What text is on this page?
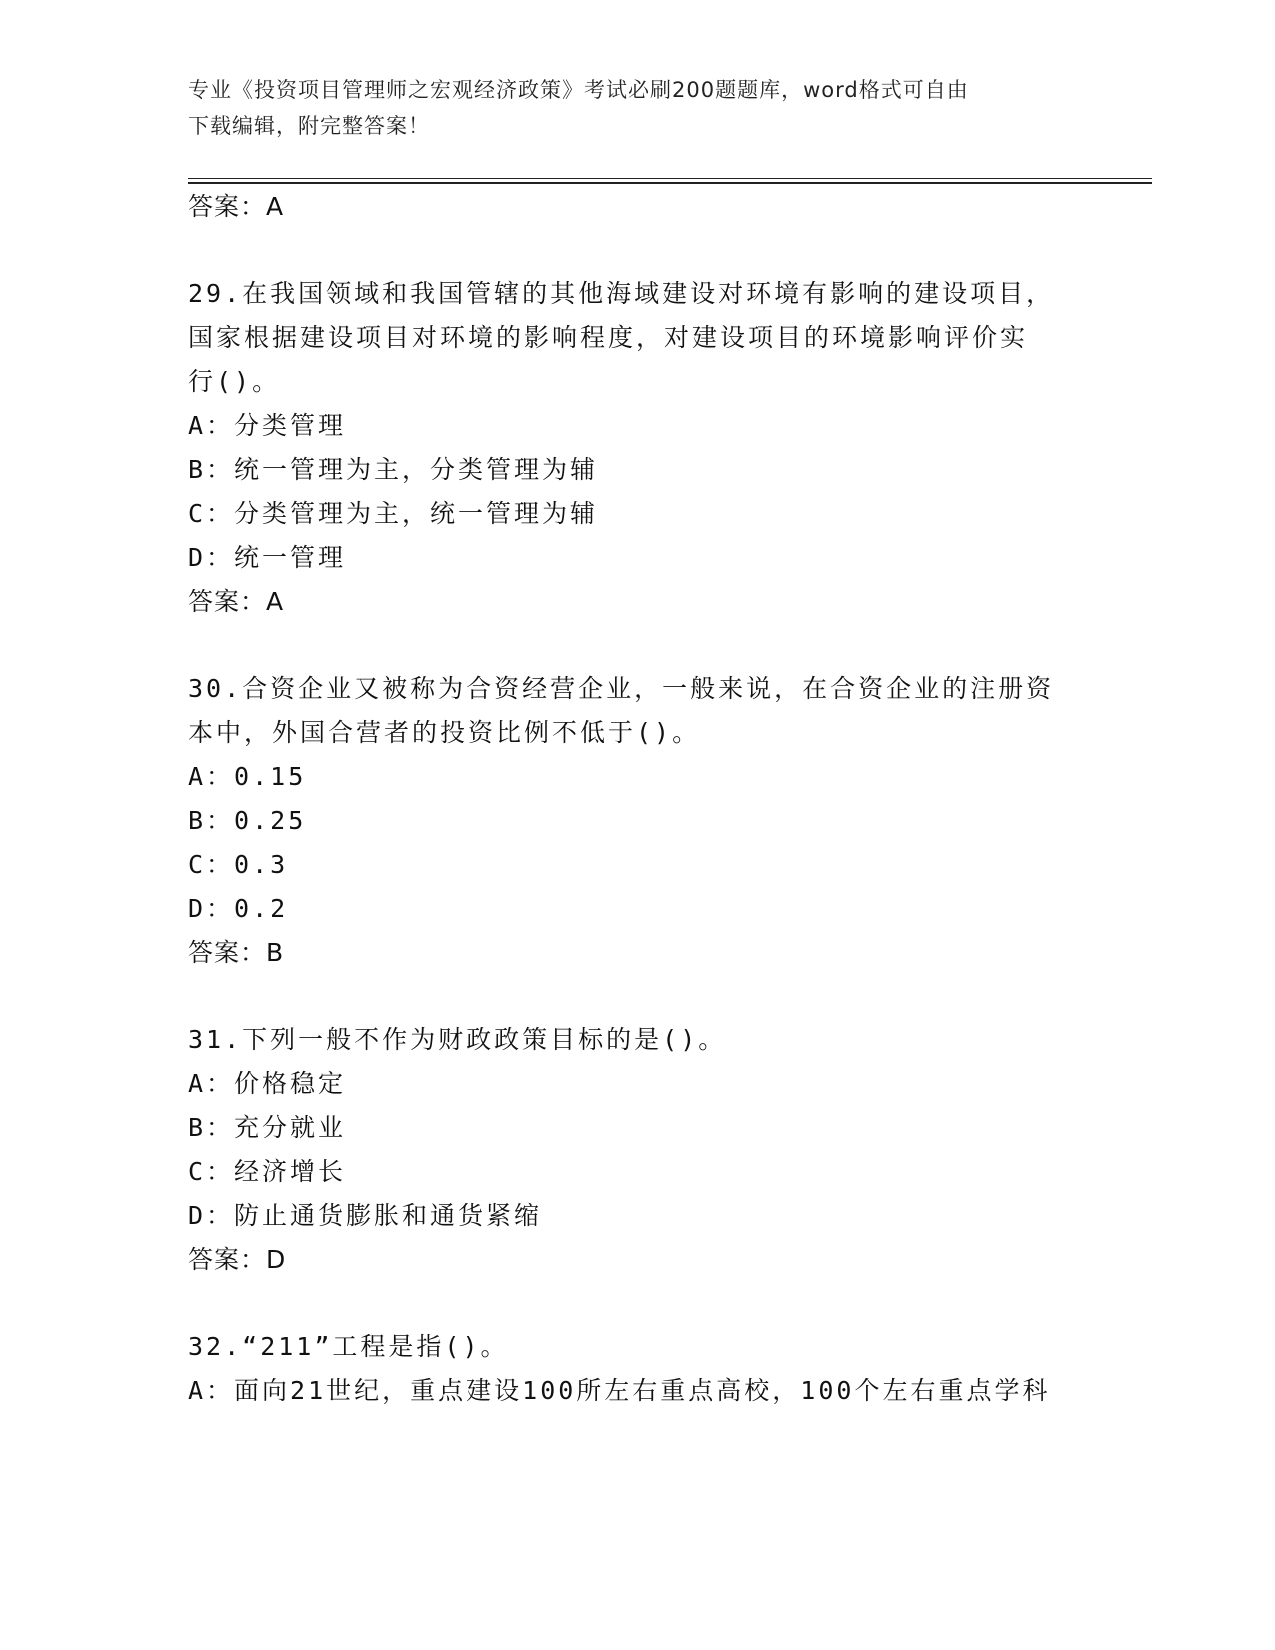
专业《投资项目管理师之宏观经济政策》考试必刷200题题库，word格式可自由
下载编辑，附完整答案！
答案：A
29.在我国领域和我国管辖的其他海域建设对环境有影响的建设项目，
国家根据建设项目对环境的影响程度，对建设项目的环境影响评价实
行()。
A：分类管理
B：统一管理为主，分类管理为辅
C：分类管理为主，统一管理为辅
D：统一管理
答案：A
30.合资企业又被称为合资经营企业，一般来说，在合资企业的注册资
本中，外国合营者的投资比例不低于()。
A：0.15
B：0.25
C：0.3
D：0.2
答案：B
31.下列一般不作为财政政策目标的是()。
A：价格稳定
B：充分就业
C：经济增长
D：防止通货膨胀和通货紧缩
答案：D
32.“211”工程是指()。
A：面向21世纪，重点建设100所左右重点高校，100个左右重点学科
